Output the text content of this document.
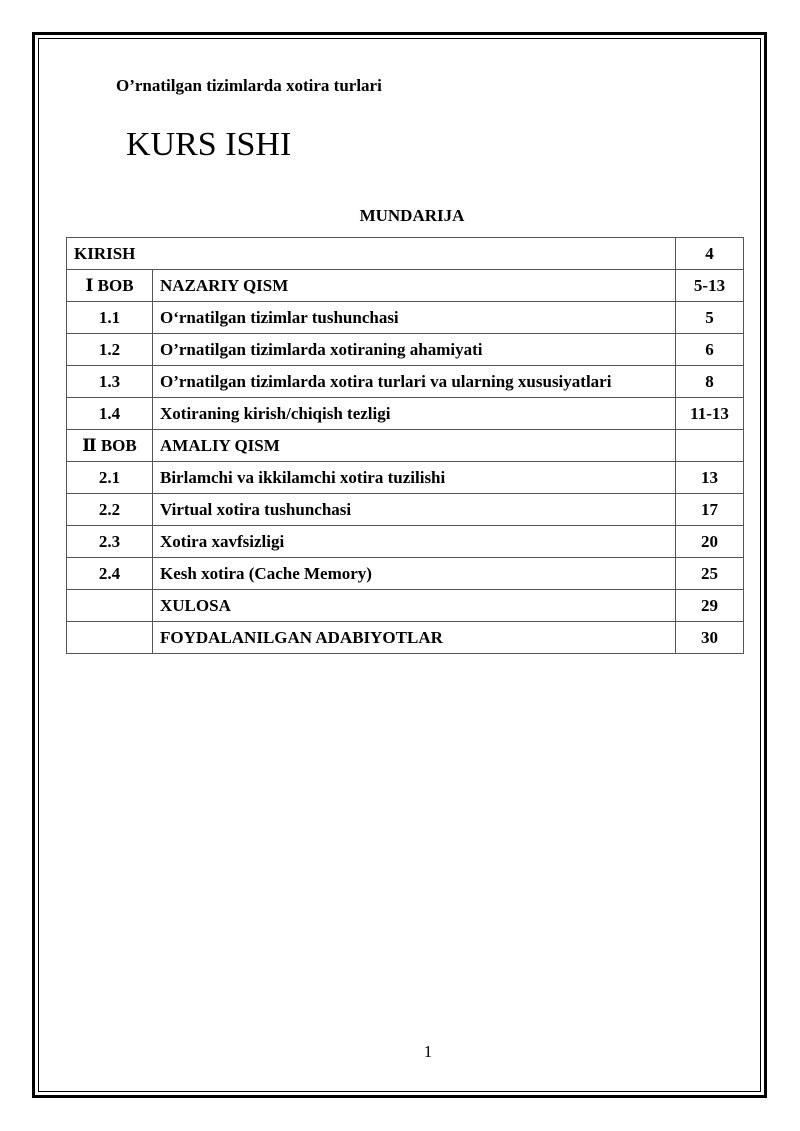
O’rnatilgan tizimlarda xotira turlari
KURS ISHI
MUNDARIJA
KIRISH		4
Ⅰ BOB	NAZARIY QISM	5-13
1.1	O‘rnatilgan tizimlar tushunchasi	5
1.2	O’rnatilgan tizimlarda xotiraning ahamiyati	6
1.3	O’rnatilgan tizimlarda xotira turlari va ularning xususiyatlari	8
1.4	Xotiraning kirish/chiqish tezligi	11-13
Ⅱ BOB	AMALIY QISM	
2.1	Birlamchi va ikkilamchi xotira tuzilishi	13
2.2	Virtual xotira tushunchasi	17
2.3	Xotira xavfsizligi	20
2.4	Kesh xotira (Cache Memory)	25
	XULOSA	29
	FOYDALANILGAN ADABIYOTLAR	30
1
